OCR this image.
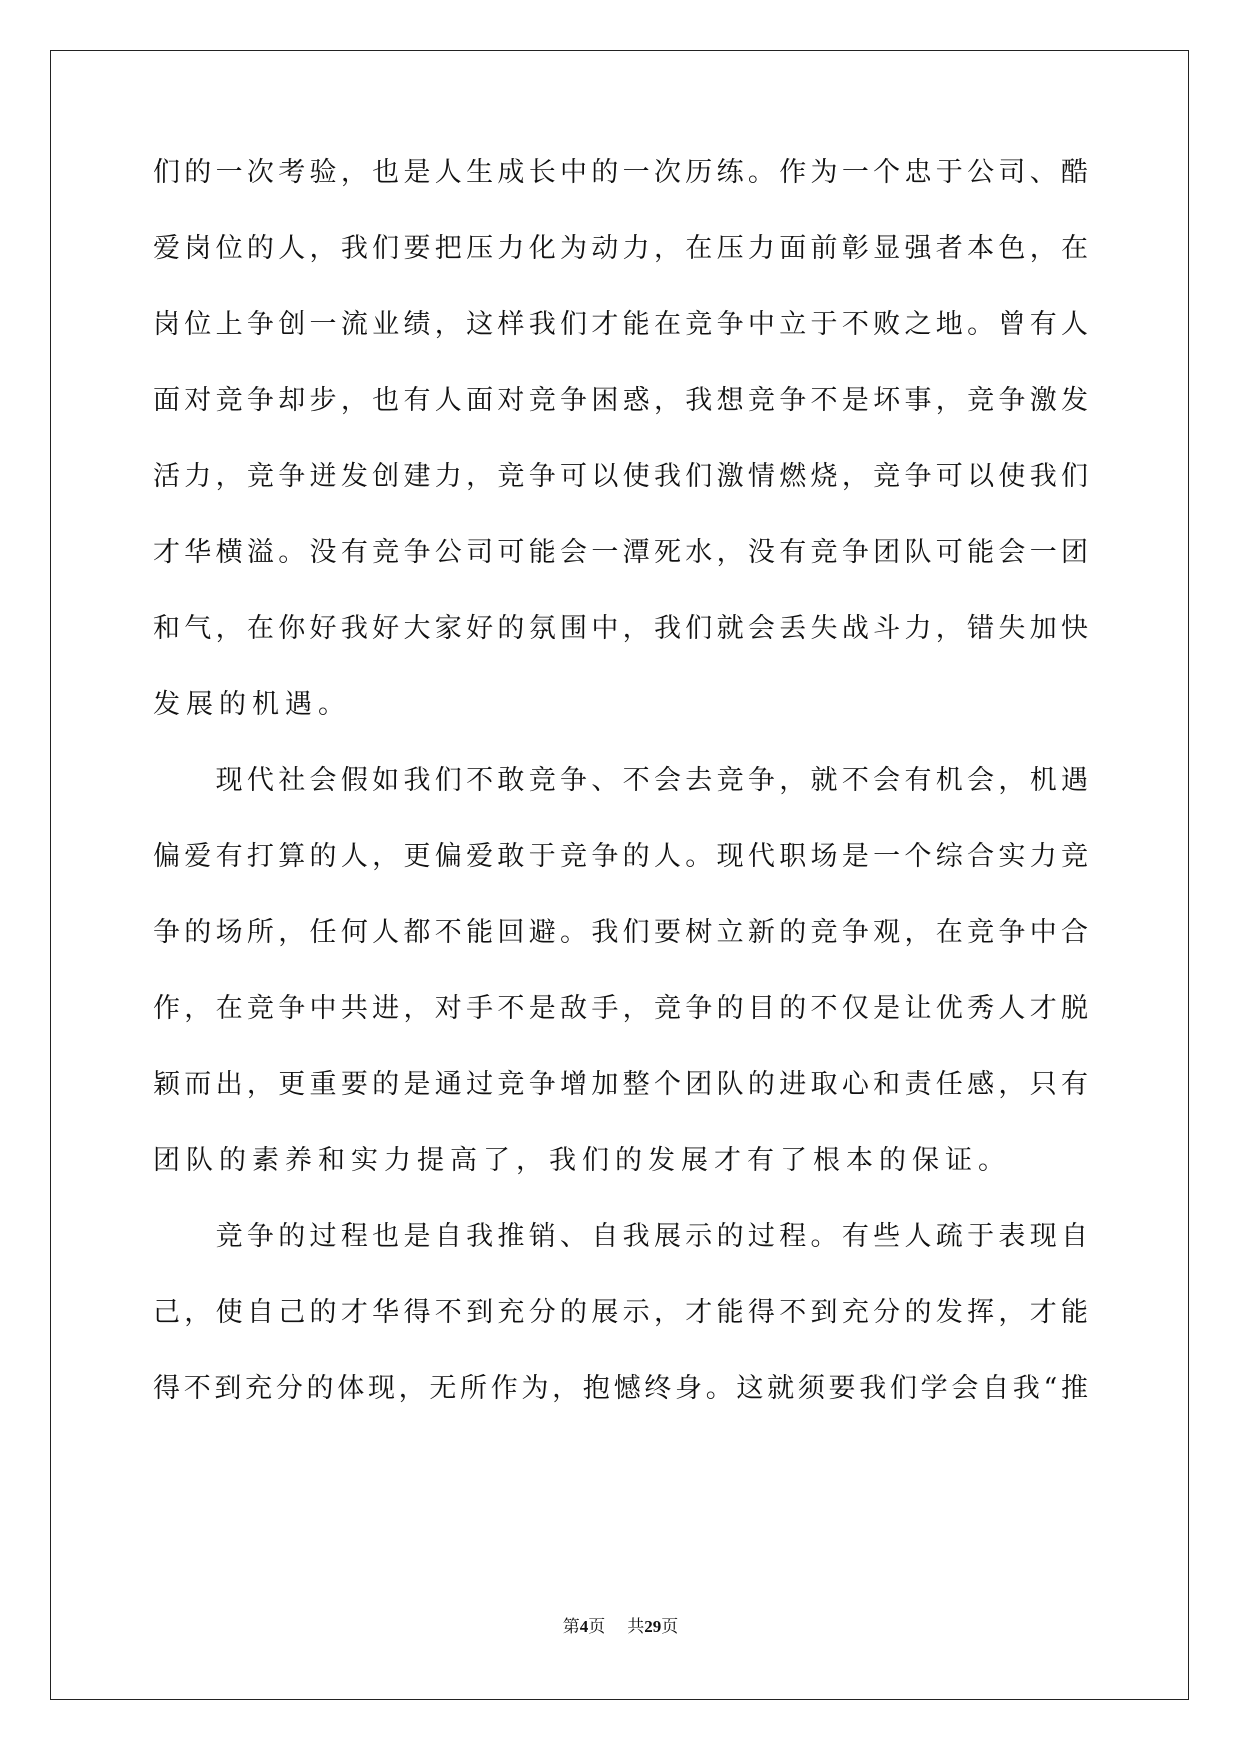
们的一次考验，也是人生成长中的一次历练。作为一个忠于公司、酷
爱岗位的人，我们要把压力化为动力，在压力面前彰显强者本色，在
岗位上争创一流业绩，这样我们才能在竞争中立于不败之地。曾有人
面对竞争却步，也有人面对竞争困惑，我想竞争不是坏事，竞争激发
活力，竞争迸发创建力，竞争可以使我们激情燃烧，竞争可以使我们
才华横溢。没有竞争公司可能会一潭死水，没有竞争团队可能会一团
和气，在你好我好大家好的氛围中，我们就会丢失战斗力，错失加快
发展的机遇。
　　现代社会假如我们不敢竞争、不会去竞争，就不会有机会，机遇
偏爱有打算的人，更偏爱敢于竞争的人。现代职场是一个综合实力竞
争的场所，任何人都不能回避。我们要树立新的竞争观，在竞争中合
作，在竞争中共进，对手不是敌手，竞争的目的不仅是让优秀人才脱
颖而出，更重要的是通过竞争增加整个团队的进取心和责任感，只有
团队的素养和实力提高了，我们的发展才有了根本的保证。
　　竞争的过程也是自我推销、自我展示的过程。有些人疏于表现自
己，使自己的才华得不到充分的展示，才能得不到充分的发挥，才能
得不到充分的体现，无所作为，抱憾终身。这就须要我们学会自我“推
第4页 共29页
